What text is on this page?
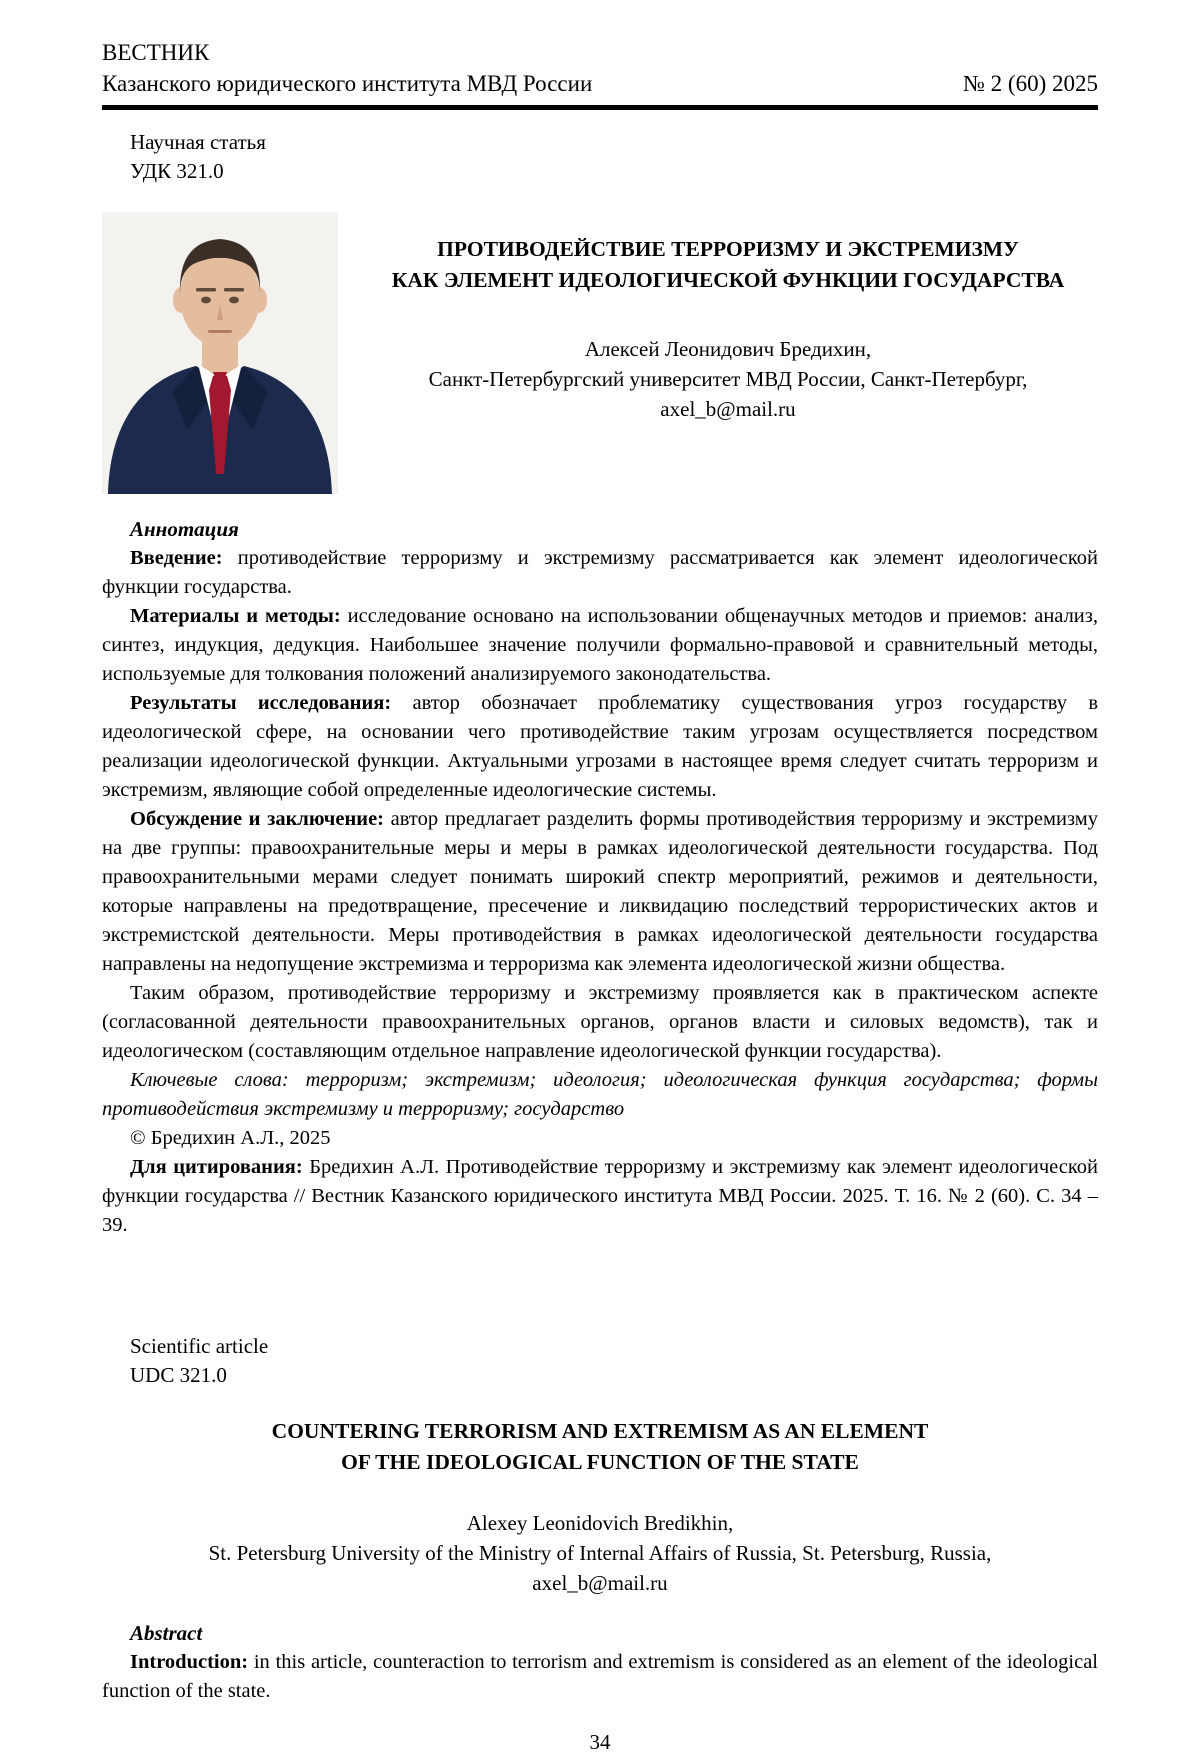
ВЕСТНИК
Казанского юридического института МВД России	№ 2 (60) 2025
Научная статья
УДК 321.0
ПРОТИВОДЕЙСТВИЕ ТЕРРОРИЗМУ И ЭКСТРЕМИЗМУ
КАК ЭЛЕМЕНТ ИДЕОЛОГИЧЕСКОЙ ФУНКЦИИ ГОСУДАРСТВА
Алексей Леонидович Бредихин,
Санкт-Петербургский университет МВД России, Санкт-Петербург,
axel_b@mail.ru
Аннотация

Введение: противодействие терроризму и экстремизму рассматривается как элемент идеологической функции государства.

Материалы и методы: исследование основано на использовании общенаучных методов и приемов: анализ, синтез, индукция, дедукция. Наибольшее значение получили формально-правовой и сравнительный методы, используемые для толкования положений анализируемого законодательства.

Результаты исследования: автор обозначает проблематику существования угроз государству в идеологической сфере, на основании чего противодействие таким угрозам осуществляется посредством реализации идеологической функции. Актуальными угрозами в настоящее время следует считать терроризм и экстремизм, являющие собой определенные идеологические системы.

Обсуждение и заключение: автор предлагает разделить формы противодействия терроризму и экстремизму на две группы: правоохранительные меры и меры в рамках идеологической деятельности государства. Под правоохранительными мерами следует понимать широкий спектр мероприятий, режимов и деятельности, которые направлены на предотвращение, пресечение и ликвидацию последствий террористических актов и экстремистской деятельности. Меры противодействия в рамках идеологической деятельности государства направлены на недопущение экстремизма и терроризма как элемента идеологической жизни общества.

Таким образом, противодействие терроризму и экстремизму проявляется как в практическом аспекте (согласованной деятельности правоохранительных органов, органов власти и силовых ведомств), так и идеологическом (составляющим отдельное направление идеологической функции государства).

Ключевые слова: терроризм; экстремизм; идеология; идеологическая функция государства; формы противодействия экстремизму и терроризму; государство

© Бредихин А.Л., 2025

Для цитирования: Бредихин А.Л. Противодействие терроризму и экстремизму как элемент идеологической функции государства // Вестник Казанского юридического института МВД России. 2025. Т. 16. № 2 (60). С. 34 – 39.

Scientific article
UDC 321.0
COUNTERING TERRORISM AND EXTREMISM AS AN ELEMENT
OF THE IDEOLOGICAL FUNCTION OF THE STATE
Alexey Leonidovich Bredikhin,
St. Petersburg University of the Ministry of Internal Affairs of Russia, St. Petersburg, Russia,
axel_b@mail.ru
Abstract

Introduction: in this article, counteraction to terrorism and extremism is considered as an element of the ideological function of the state.

34
